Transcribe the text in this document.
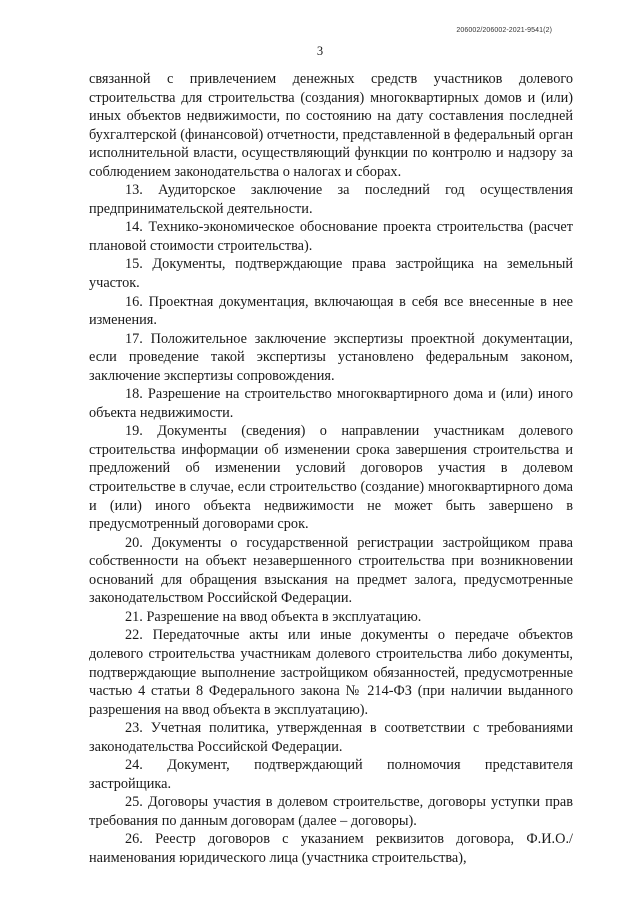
206002/206002-2021-9541(2)
3

связанной с привлечением денежных средств участников долевого строительства для строительства (создания) многоквартирных домов и (или) иных объектов недвижимости, по состоянию на дату составления последней бухгалтерской (финансовой) отчетности, представленной в федеральный орган исполнительной власти, осуществляющий функции по контролю и надзору за соблюдением законодательства о налогах и сборах.

13. Аудиторское заключение за последний год осуществления предпринимательской деятельности.

14. Технико-экономическое обоснование проекта строительства (расчет плановой стоимости строительства).

15. Документы, подтверждающие права застройщика на земельный участок.

16. Проектная документация, включающая в себя все внесенные в нее изменения.

17. Положительное заключение экспертизы проектной документации, если проведение такой экспертизы установлено федеральным законом, заключение экспертизы сопровождения.

18. Разрешение на строительство многоквартирного дома и (или) иного объекта недвижимости.

19. Документы (сведения) о направлении участникам долевого строительства информации об изменении срока завершения строительства и предложений об изменении условий договоров участия в долевом строительстве в случае, если строительство (создание) многоквартирного дома и (или) иного объекта недвижимости не может быть завершено в предусмотренный договорами срок.

20. Документы о государственной регистрации застройщиком права собственности на объект незавершенного строительства при возникновении оснований для обращения взыскания на предмет залога, предусмотренные законодательством Российской Федерации.

21. Разрешение на ввод объекта в эксплуатацию.

22. Передаточные акты или иные документы о передаче объектов долевого строительства участникам долевого строительства либо документы, подтверждающие выполнение застройщиком обязанностей, предусмотренные частью 4 статьи 8 Федерального закона № 214-ФЗ (при наличии выданного разрешения на ввод объекта в эксплуатацию).

23. Учетная политика, утвержденная в соответствии с требованиями законодательства Российской Федерации.

24. Документ, подтверждающий полномочия представителя застройщика.

25. Договоры участия в долевом строительстве, договоры уступки прав требования по данным договорам (далее – договоры).

26. Реестр договоров с указанием реквизитов договора, Ф.И.О./наименования юридического лица (участника строительства),
